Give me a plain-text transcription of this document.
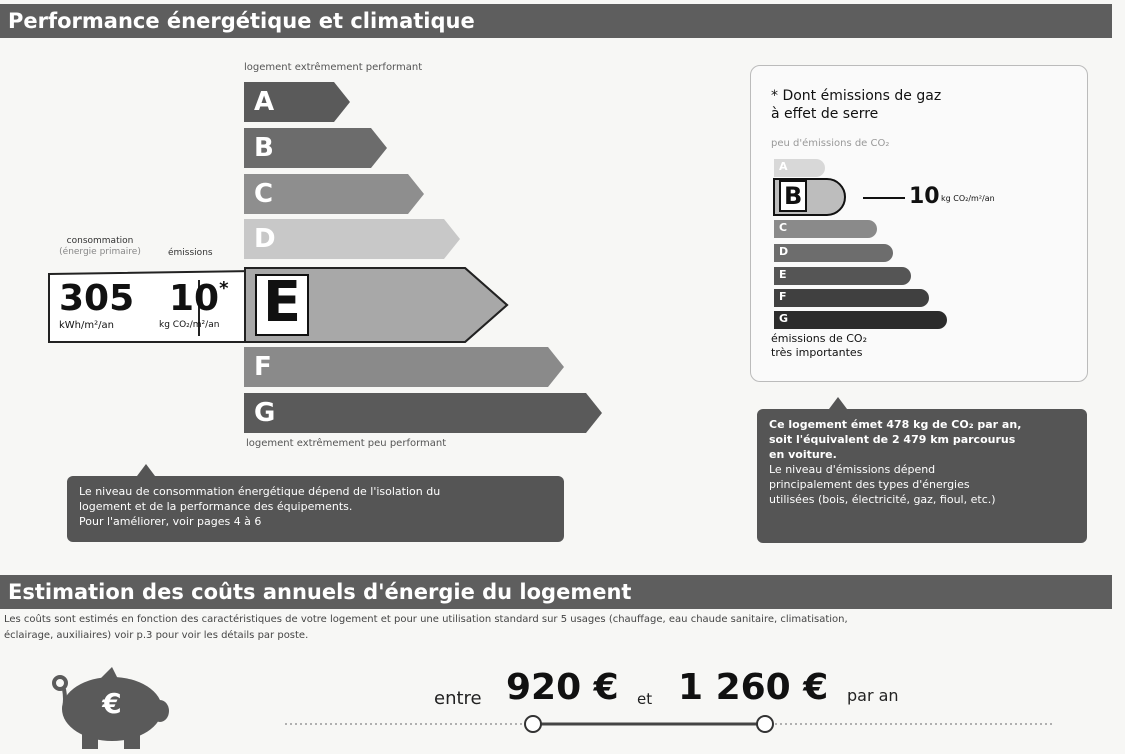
Performance énergétique et climatique
logement extrêmement performant
logement extrêmement peu performant
A
B
C
D
F
G
consommation
(énergie primaire)	émissions
305
kWh/m²/an
10*
kg CO₂/m²/an E
Le niveau de consommation énergétique dépend de l'isolation du
logement et de la performance des équipements.
Pour l'améliorer, voir pages 4 à 6
* Dont émissions de gaz
à effet de serre
peu d'émissions de CO₂
A
B
C
D
E
F
G
émissions de CO₂
très importantes
10 kg CO₂/m²/an
Ce logement émet 478 kg de CO₂ par an,
soit l'équivalent de 2 479 km parcourus
en voiture.
Le niveau d'émissions dépend
principalement des types d'énergies
utilisées (bois, électricité, gaz, fioul, etc.)
Estimation des coûts annuels d'énergie du logement
Les coûts sont estimés en fonction des caractéristiques de votre logement et pour une utilisation standard sur 5 usages (chauffage, eau chaude sanitaire, climatisation,
éclairage, auxiliaires) voir p.3 pour voir les détails par poste.
€	entre 920 € et 1 260 € par an
